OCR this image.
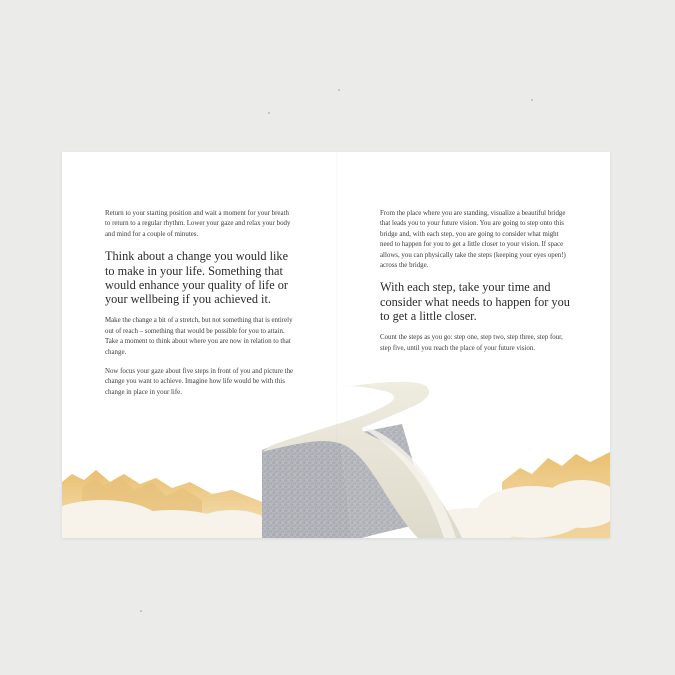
Return to your starting position and wait a moment for your breath to return to a regular rhythm. Lower your gaze and relax your body and mind for a couple of minutes.

Think about a change you would like to make in your life. Something that would enhance your quality of life or your wellbeing if you achieved it.

Make the change a bit of a stretch, but not something that is entirely out of reach – something that would be possible for you to attain. Take a moment to think about where you are now in relation to that change.

Now focus your gaze about five steps in front of you and picture the change you want to achieve. Imagine how life would be with this change in place in your life.

From the place where you are standing, visualize a beautiful bridge that leads you to your future vision. You are going to step onto this bridge and, with each step, you are going to consider what might need to happen for you to get a little closer to your vision. If space allows, you can physically take the steps (keeping your eyes open!) across the bridge.

With each step, take your time and consider what needs to happen for you to get a little closer.

Count the steps as you go: step one, step two, step three, step four, step five, until you reach the place of your future vision.
